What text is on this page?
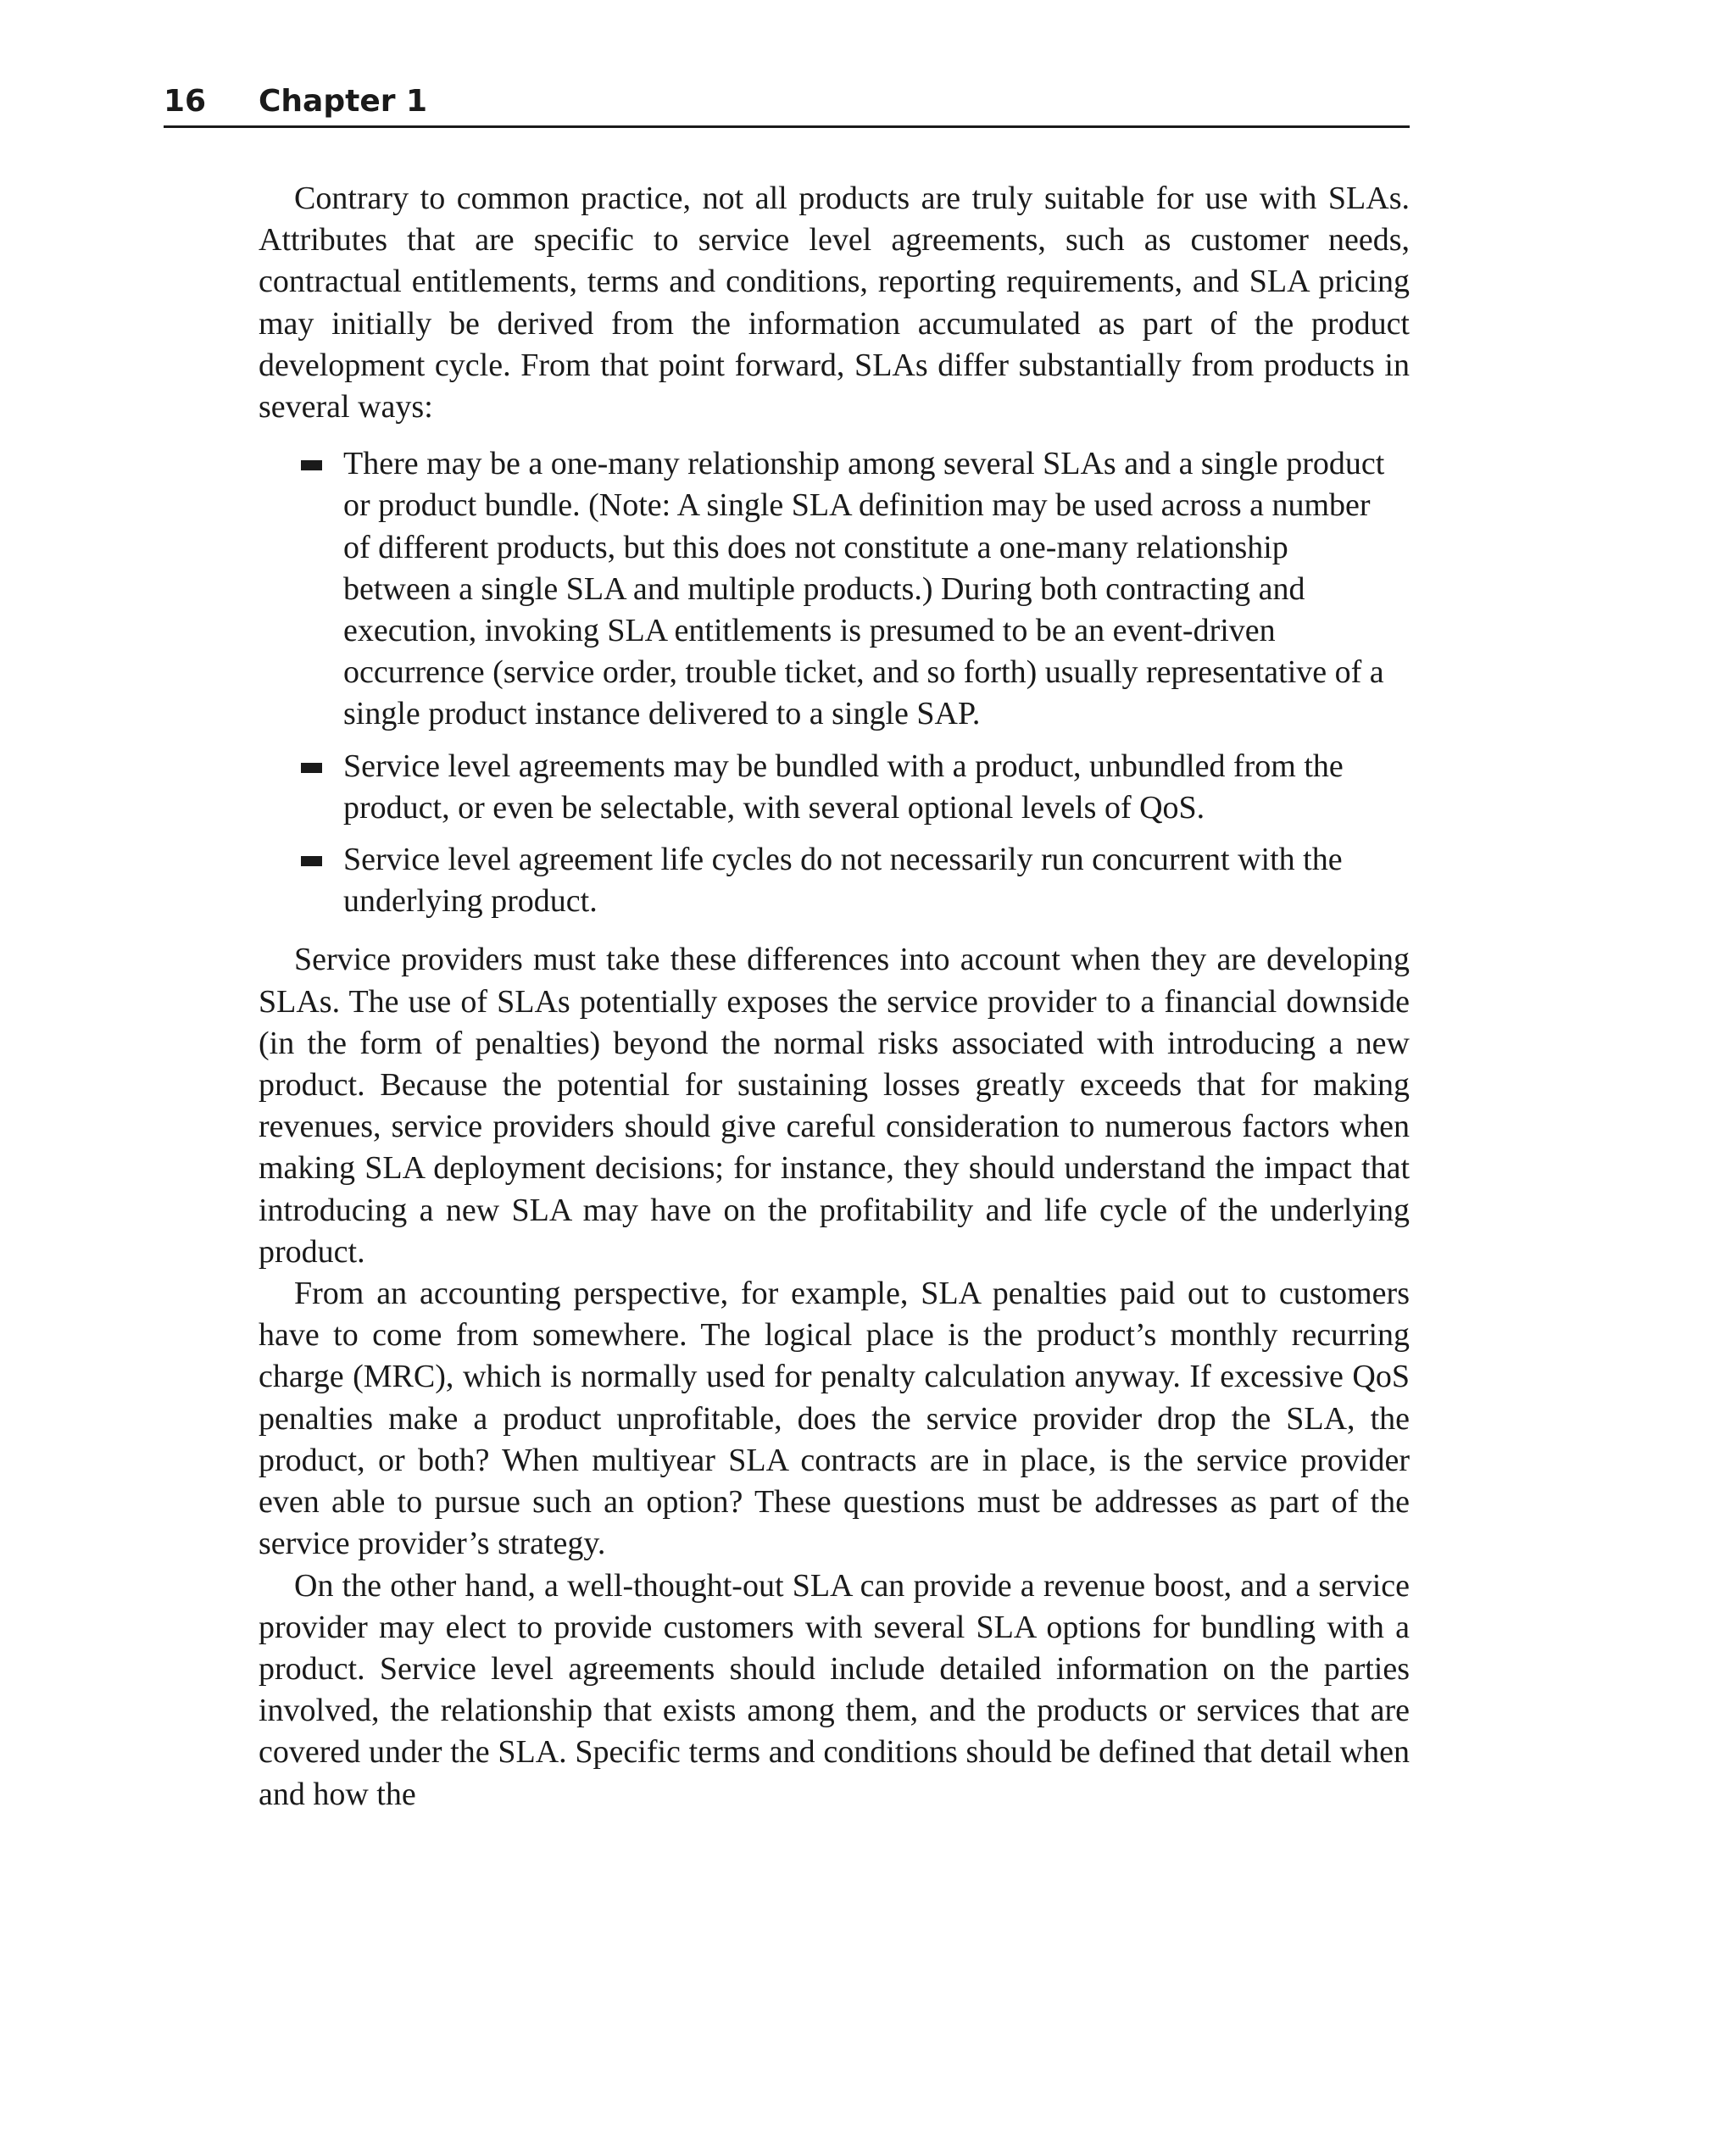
16 Chapter 1

Contrary to common practice, not all products are truly suitable for use with SLAs. Attributes that are specific to service level agreements, such as customer needs, contractual entitlements, terms and conditions, reporting requirements, and SLA pricing may initially be derived from the information accumulated as part of the product development cycle. From that point forward, SLAs differ substantially from products in several ways:

There may be a one-many relationship among several SLAs and a single product or product bundle. (Note: A single SLA definition may be used across a number of different products, but this does not constitute a one-many relationship between a single SLA and multiple products.) During both contracting and execution, invoking SLA entitlements is presumed to be an event-driven occurrence (service order, trouble ticket, and so forth) usually representative of a single product instance delivered to a single SAP.
Service level agreements may be bundled with a product, unbundled from the product, or even be selectable, with several optional levels of QoS.
Service level agreement life cycles do not necessarily run concurrent with the underlying product.

Service providers must take these differences into account when they are developing SLAs. The use of SLAs potentially exposes the service provider to a financial downside (in the form of penalties) beyond the normal risks associated with introducing a new product. Because the potential for sustaining losses greatly exceeds that for making revenues, service providers should give careful consideration to numerous factors when making SLA deployment decisions; for instance, they should understand the impact that introducing a new SLA may have on the profitability and life cycle of the underlying product.

From an accounting perspective, for example, SLA penalties paid out to customers have to come from somewhere. The logical place is the product’s monthly recurring charge (MRC), which is normally used for penalty calculation anyway. If excessive QoS penalties make a product unprofitable, does the service provider drop the SLA, the product, or both? When multiyear SLA contracts are in place, is the service provider even able to pursue such an option? These questions must be addresses as part of the service provider’s strategy.

On the other hand, a well-thought-out SLA can provide a revenue boost, and a service provider may elect to provide customers with several SLA options for bundling with a product. Service level agreements should include detailed information on the parties involved, the relationship that exists among them, and the products or services that are covered under the SLA. Specific terms and conditions should be defined that detail when and how the
